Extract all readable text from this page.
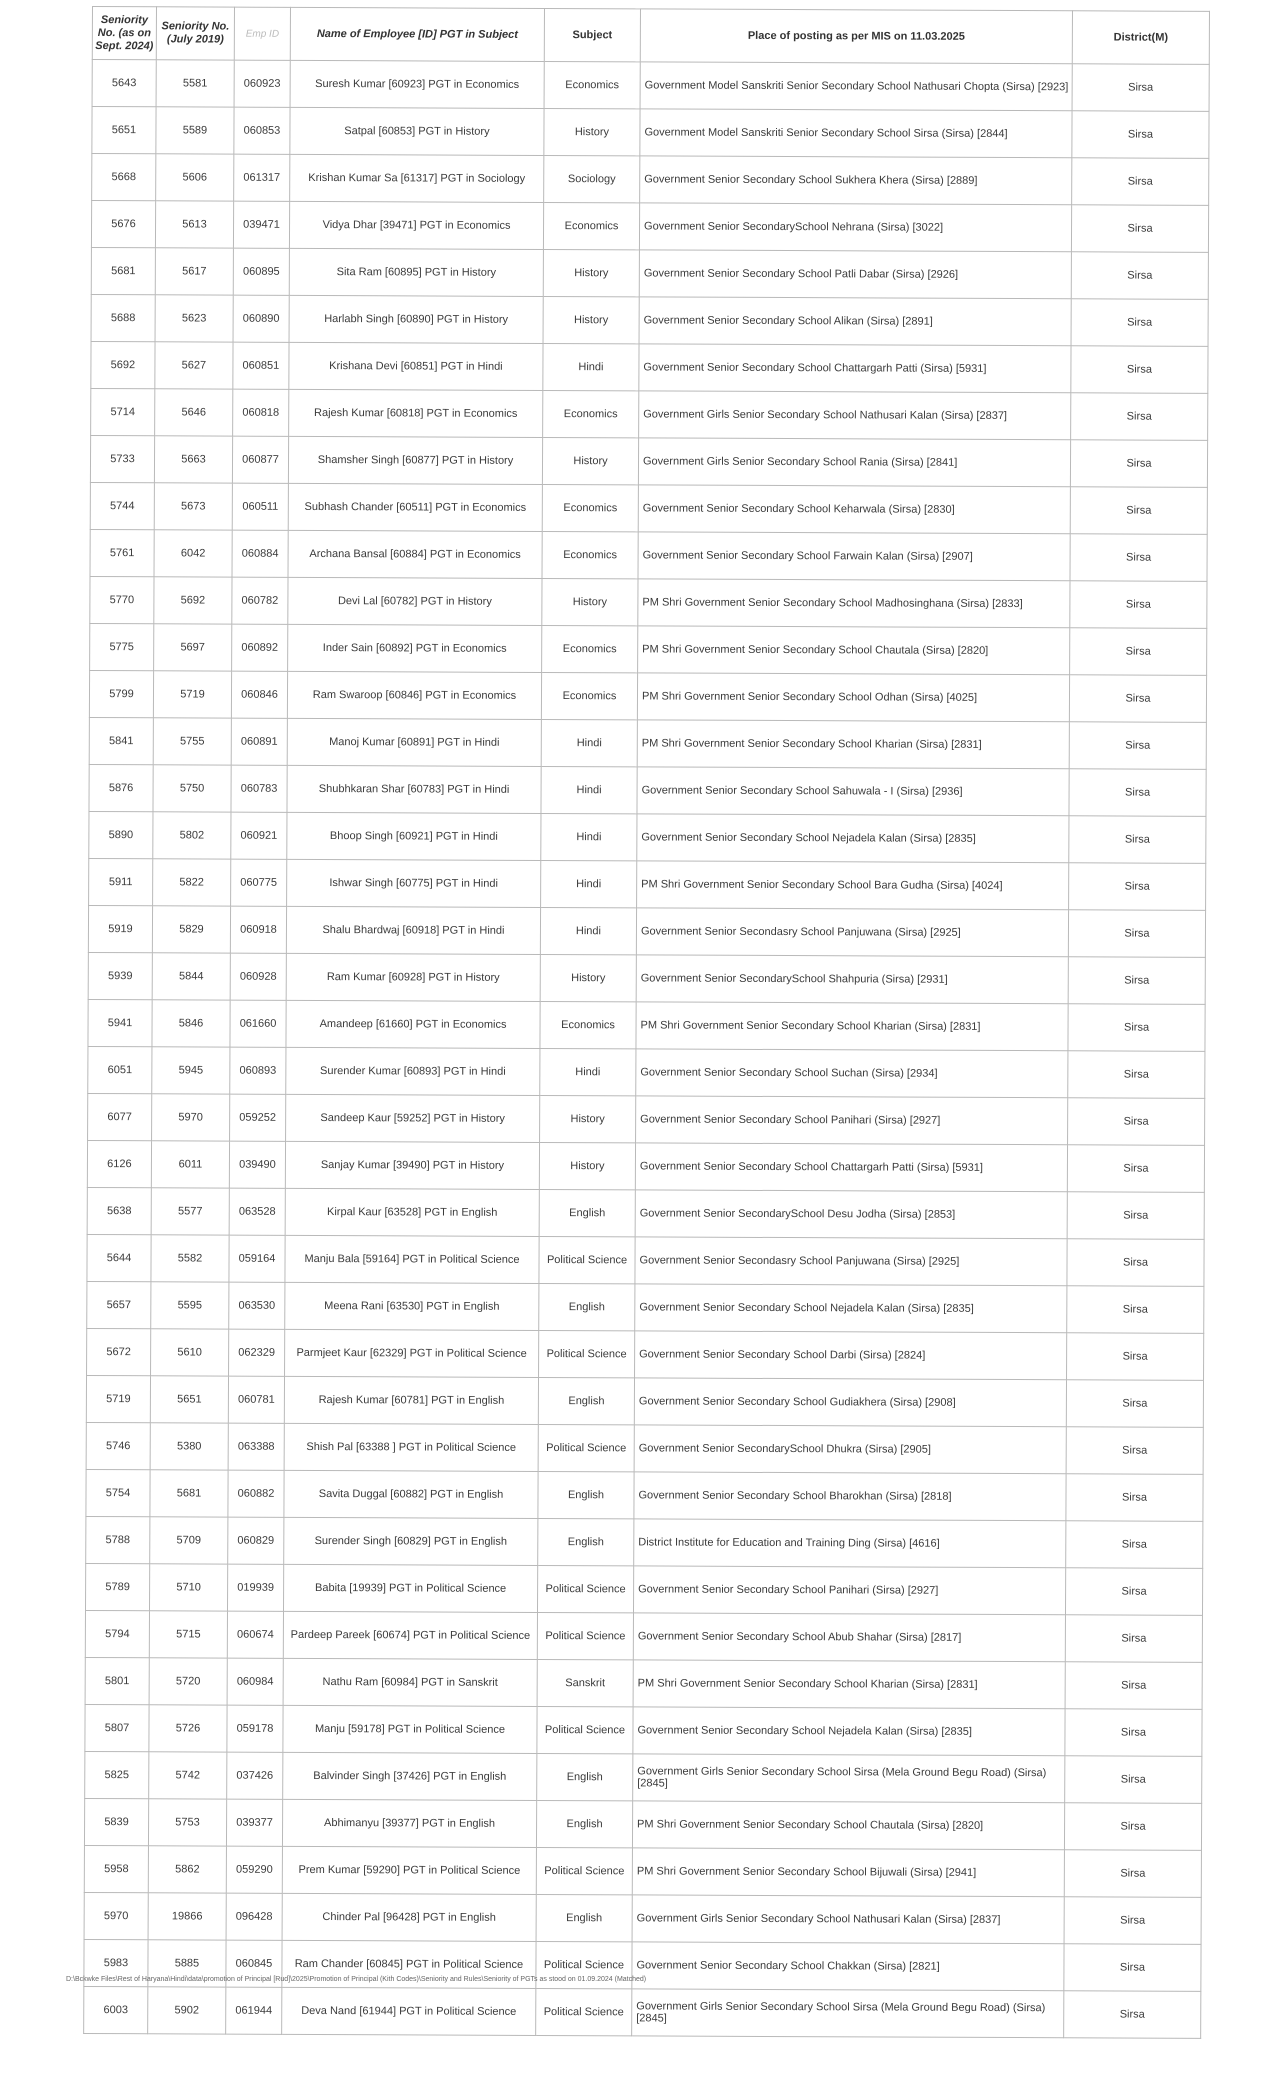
Seniority No. (as on Sept. 2024)	Seniority No. (July 2019)	Emp ID	Name of Employee [ID] PGT in Subject	Subject	Place of posting as per MIS on 11.03.2025	District(M)
5643	5581	060923	Suresh Kumar [60923] PGT in Economics	Economics	Government Model Sanskriti Senior Secondary School Nathusari Chopta (Sirsa) [2923]	Sirsa
5651	5589	060853	Satpal [60853] PGT in History	History	Government Model Sanskriti Senior Secondary School Sirsa (Sirsa) [2844]	Sirsa
5668	5606	061317	Krishan Kumar Sa [61317] PGT in Sociology	Sociology	Government Senior Secondary School Sukhera Khera (Sirsa) [2889]	Sirsa
5676	5613	039471	Vidya Dhar [39471] PGT in Economics	Economics	Government Senior SecondarySchool Nehrana (Sirsa) [3022]	Sirsa
5681	5617	060895	Sita Ram [60895] PGT in History	History	Government Senior Secondary School Patli Dabar (Sirsa) [2926]	Sirsa
5688	5623	060890	Harlabh Singh [60890] PGT in History	History	Government Senior Secondary School Alikan (Sirsa) [2891]	Sirsa
5692	5627	060851	Krishana Devi [60851] PGT in Hindi	Hindi	Government Senior Secondary School Chattargarh Patti (Sirsa) [5931]	Sirsa
5714	5646	060818	Rajesh Kumar [60818] PGT in Economics	Economics	Government Girls Senior Secondary School Nathusari Kalan (Sirsa) [2837]	Sirsa
5733	5663	060877	Shamsher Singh [60877] PGT in History	History	Government Girls Senior Secondary School Rania (Sirsa) [2841]	Sirsa
5744	5673	060511	Subhash Chander [60511] PGT in Economics	Economics	Government Senior Secondary School Keharwala (Sirsa) [2830]	Sirsa
5761	6042	060884	Archana Bansal [60884] PGT in Economics	Economics	Government Senior Secondary School Farwain Kalan (Sirsa) [2907]	Sirsa
5770	5692	060782	Devi Lal [60782] PGT in History	History	PM Shri Government Senior Secondary School Madhosinghana (Sirsa) [2833]	Sirsa
5775	5697	060892	Inder Sain [60892] PGT in Economics	Economics	PM Shri Government Senior Secondary School Chautala (Sirsa) [2820]	Sirsa
5799	5719	060846	Ram Swaroop [60846] PGT in Economics	Economics	PM Shri Government Senior Secondary School Odhan (Sirsa) [4025]	Sirsa
5841	5755	060891	Manoj Kumar [60891] PGT in Hindi	Hindi	PM Shri Government Senior Secondary School Kharian (Sirsa) [2831]	Sirsa
5876	5750	060783	Shubhkaran Shar [60783] PGT in Hindi	Hindi	Government Senior Secondary School Sahuwala - I (Sirsa) [2936]	Sirsa
5890	5802	060921	Bhoop Singh [60921] PGT in Hindi	Hindi	Government Senior Secondary School Nejadela Kalan (Sirsa) [2835]	Sirsa
5911	5822	060775	Ishwar Singh [60775] PGT in Hindi	Hindi	PM Shri Government Senior Secondary School Bara Gudha (Sirsa) [4024]	Sirsa
5919	5829	060918	Shalu Bhardwaj [60918] PGT in Hindi	Hindi	Government Senior Secondasry School Panjuwana (Sirsa) [2925]	Sirsa
5939	5844	060928	Ram Kumar [60928] PGT in History	History	Government Senior SecondarySchool Shahpuria (Sirsa) [2931]	Sirsa
5941	5846	061660	Amandeep [61660] PGT in Economics	Economics	PM Shri Government Senior Secondary School Kharian (Sirsa) [2831]	Sirsa
6051	5945	060893	Surender Kumar [60893] PGT in Hindi	Hindi	Government Senior Secondary School Suchan (Sirsa) [2934]	Sirsa
6077	5970	059252	Sandeep Kaur [59252] PGT in History	History	Government Senior Secondary School Panihari (Sirsa) [2927]	Sirsa
6126	6011	039490	Sanjay Kumar [39490] PGT in History	History	Government Senior Secondary School Chattargarh Patti (Sirsa) [5931]	Sirsa
5638	5577	063528	Kirpal Kaur [63528] PGT in English	English	Government Senior SecondarySchool Desu Jodha (Sirsa) [2853]	Sirsa
5644	5582	059164	Manju Bala [59164] PGT in Political Science	Political Science	Government Senior Secondasry School Panjuwana (Sirsa) [2925]	Sirsa
5657	5595	063530	Meena Rani [63530] PGT in English	English	Government Senior Secondary School Nejadela Kalan (Sirsa) [2835]	Sirsa
5672	5610	062329	Parmjeet Kaur [62329] PGT in Political Science	Political Science	Government Senior Secondary School Darbi (Sirsa) [2824]	Sirsa
5719	5651	060781	Rajesh Kumar [60781] PGT in English	English	Government Senior Secondary School Gudiakhera (Sirsa) [2908]	Sirsa
5746	5380	063388	Shish Pal [63388 ] PGT in Political Science	Political Science	Government Senior SecondarySchool Dhukra (Sirsa) [2905]	Sirsa
5754	5681	060882	Savita Duggal [60882] PGT in English	English	Government Senior Secondary School Bharokhan (Sirsa) [2818]	Sirsa
5788	5709	060829	Surender Singh [60829] PGT in English	English	District Institute for Education and Training Ding (Sirsa) [4616]	Sirsa
5789	5710	019939	Babita [19939] PGT in Political Science	Political Science	Government Senior Secondary School Panihari (Sirsa) [2927]	Sirsa
5794	5715	060674	Pardeep Pareek [60674] PGT in Political Science	Political Science	Government Senior Secondary School Abub Shahar (Sirsa) [2817]	Sirsa
5801	5720	060984	Nathu Ram [60984] PGT in Sanskrit	Sanskrit	PM Shri Government Senior Secondary School Kharian (Sirsa) [2831]	Sirsa
5807	5726	059178	Manju [59178] PGT in Political Science	Political Science	Government Senior Secondary School Nejadela Kalan (Sirsa) [2835]	Sirsa
5825	5742	037426	Balvinder Singh [37426] PGT in English	English	Government Girls Senior Secondary School Sirsa (Mela Ground Begu Road) (Sirsa) [2845]	Sirsa
5839	5753	039377	Abhimanyu [39377] PGT in English	English	PM Shri Government Senior Secondary School Chautala (Sirsa) [2820]	Sirsa
5958	5862	059290	Prem Kumar [59290] PGT in Political Science	Political Science	PM Shri Government Senior Secondary School Bijuwali (Sirsa) [2941]	Sirsa
5970	19866	096428	Chinder Pal [96428] PGT in English	English	Government Girls Senior Secondary School Nathusari Kalan (Sirsa) [2837]	Sirsa
5983	5885	060845	Ram Chander [60845] PGT in Political Science	Political Science	Government Senior Secondary School Chakkan (Sirsa) [2821]	Sirsa
6003	5902	061944	Deva Nand [61944] PGT in Political Science	Political Science	Government Girls Senior Secondary School Sirsa (Mela Ground Begu Road) (Sirsa) [2845]	Sirsa
D:\Bckwke Files\Rest of Haryana\Hindi\data\promotion of Principal [Rud]\2025\Promotion of Principal (Kith Codes)\Seniority and Rules\Seniority of PGTs as stood on 01.09.2024 (Matched)
